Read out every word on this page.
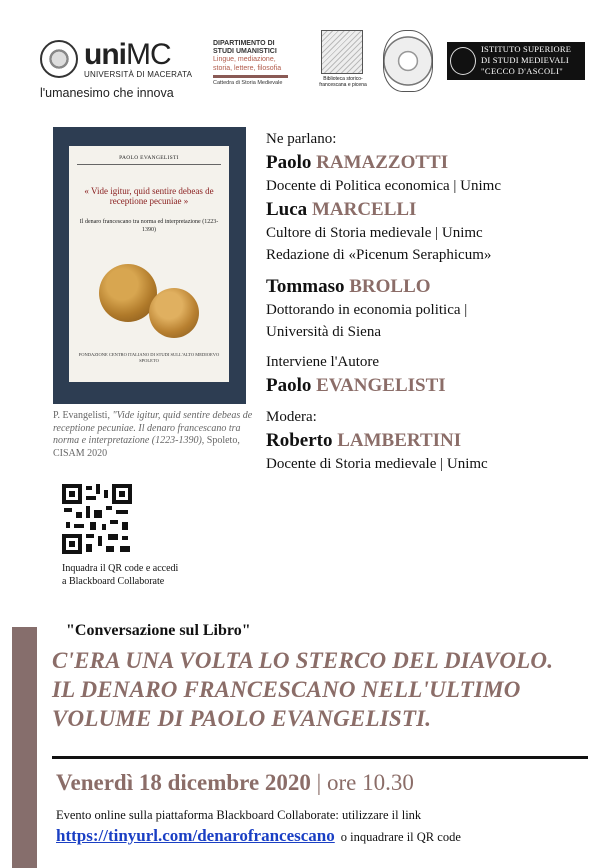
uniMC
UNIVERSITÀ DI MACERATA
l'umanesimo che innova
DIPARTIMENTO DI
STUDI UMANISTICI
Lingue, mediazione,
storia, lettere, filosofia
Cattedra di Storia Medievale
Biblioteca storico-
francescana e picena
ISTITUTO SUPERIORE
DI STUDI MEDIEVALI
"CECCO D'ASCOLI"
PAOLO EVANGELISTI
« Vide igitur, quid sentire debeas de receptione pecuniae »
Il denaro francescano tra norma ed interpretazione (1223-1390)
FONDAZIONE CENTRO ITALIANO DI STUDI SULL'ALTO MEDIOEVO SPOLETO
P. Evangelisti, "Vide igitur, quid sentire debeas de receptione pecuniae. Il denaro francescano tra norma e interpretazione (1223-1390), Spoleto, CISAM 2020
Inquadra il QR code e accedi
a Blackboard Collaborate
Ne parlano:
Paolo RAMAZZOTTI
Docente di Politica economica | Unimc
Luca MARCELLI
Cultore di Storia medievale | Unimc
Redazione di «Picenum Seraphicum»
Tommaso BROLLO
Dottorando in economia politica |
Università di Siena
Interviene l'Autore
Paolo EVANGELISTI
Modera:
Roberto LAMBERTINI
Docente di Storia medievale | Unimc
"Conversazione sul Libro"
C'ERA UNA VOLTA LO STERCO DEL DIAVOLO.
IL DENARO FRANCESCANO NELL'ULTIMO
VOLUME DI PAOLO EVANGELISTI.
Venerdì 18 dicembre 2020 | ore 10.30
Evento online sulla piattaforma Blackboard Collaborate: utilizzare il link
https://tinyurl.com/denarofrancescano o inquadrare il QR code
